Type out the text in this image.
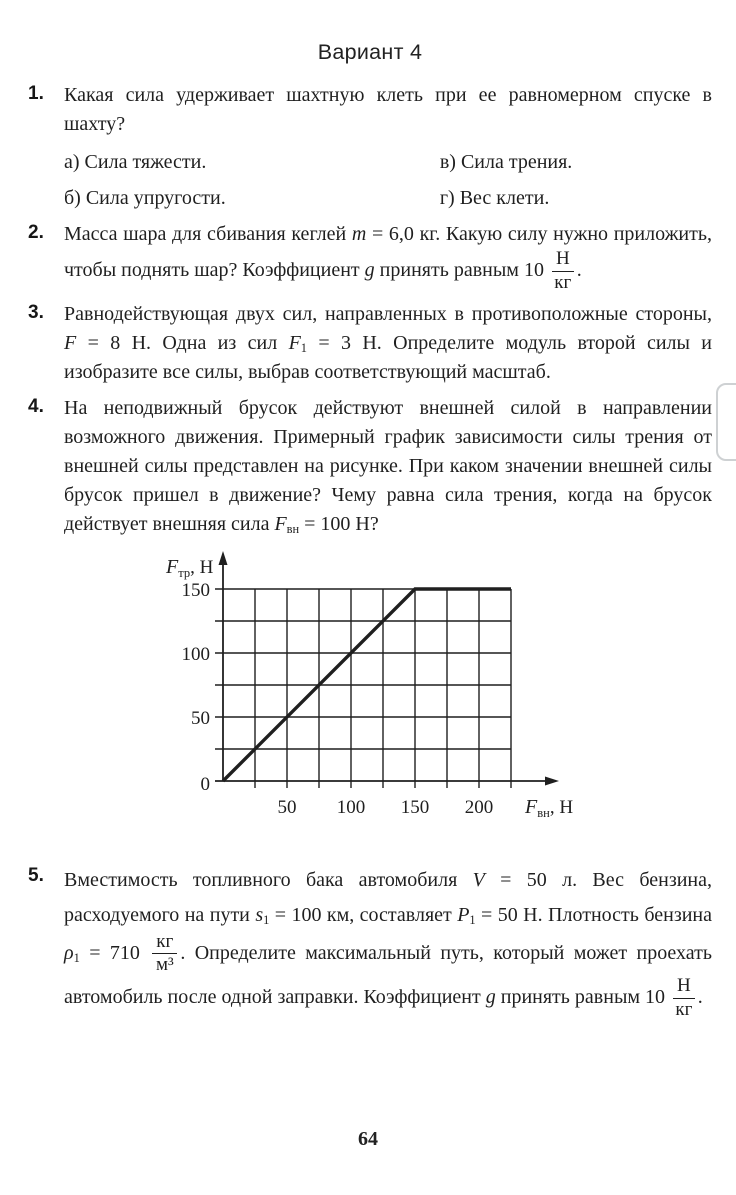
Вариант 4
1.	Какая сила удерживает шахтную клеть при ее равномерном спуске в шахту?
а) Сила тяжести.
б) Сила упругости.
в) Сила трения.
г) Вес клети.
2.	Масса шара для сбивания кеглей m = 6,0 кг. Какую силу нужно приложить, чтобы поднять шар? Коэффициент g принять равным $10 \frac{Н}{кг}$ .
3.	Равнодействующая двух сил, направленных в противоположные стороны, F = 8 Н. Одна из сил F1 = 3 Н. Определите модуль второй силы и изобразите все силы, выбрав соответствующий масштаб.
4.	На неподвижный брусок действуют внешней силой в направлении возможного движения. Примерный график зависимости силы трения от внешней силы представлен на рисунке. При каком значении внешней силы брусок пришел в движение? Чему равна сила трения, когда на брусок действует внешняя сила Fвн = 100 Н?
0
50
100
150
50 100 150 200
$F_{тр}$, Н
$F_{вн}$, Н
5.	Вместимость топливного бака автомобиля V = 50 л. Вес бензина, расходуемого на пути s1 = 100 км, составляет P1 = 50 Н. Плотность бензина $\rho 1 = 710 \frac{кг}{\text{м³}}$ . Определите максимальный путь, который может проехать автомобиль после одной заправки. Коэффициент g принять равным $10 \frac{Н}{кг}$ .
64
